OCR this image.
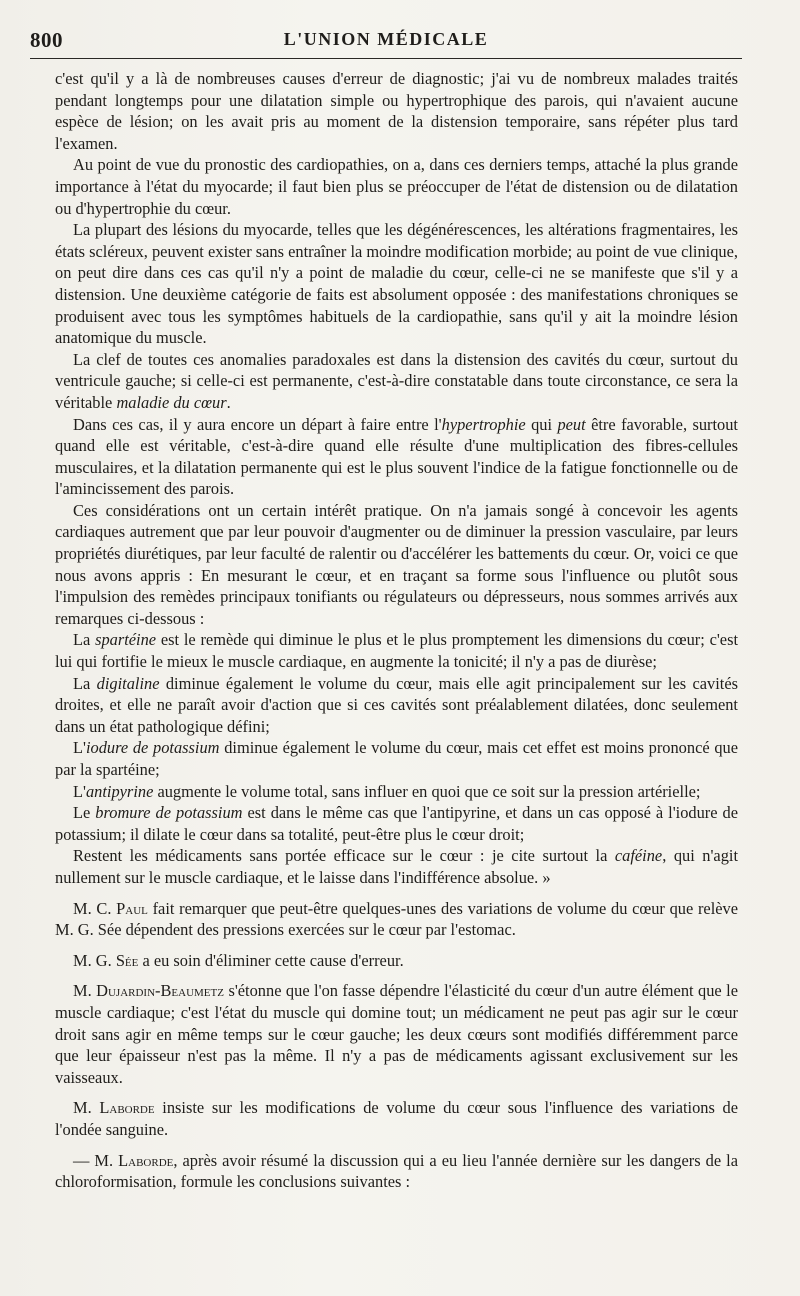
800	L'UNION MÉDICALE

c'est qu'il y a là de nombreuses causes d'erreur de diagnostic; j'ai vu de nombreux malades traités pendant longtemps pour une dilatation simple ou hypertrophique des parois, qui n'avaient aucune espèce de lésion; on les avait pris au moment de la distension temporaire, sans répéter plus tard l'examen.

Au point de vue du pronostic des cardiopathies, on a, dans ces derniers temps, attaché la plus grande importance à l'état du myocarde; il faut bien plus se préoccuper de l'état de distension ou de dilatation ou d'hypertrophie du cœur.

La plupart des lésions du myocarde, telles que les dégénérescences, les altérations fragmentaires, les états scléreux, peuvent exister sans entraîner la moindre modification morbide; au point de vue clinique, on peut dire dans ces cas qu'il n'y a point de maladie du cœur, celle-ci ne se manifeste que s'il y a distension. Une deuxième catégorie de faits est absolument opposée : des manifestations chroniques se produisent avec tous les symptômes habituels de la cardiopathie, sans qu'il y ait la moindre lésion anatomique du muscle.

La clef de toutes ces anomalies paradoxales est dans la distension des cavités du cœur, surtout du ventricule gauche; si celle-ci est permanente, c'est-à-dire constatable dans toute circonstance, ce sera la véritable maladie du cœur.

Dans ces cas, il y aura encore un départ à faire entre l'hypertrophie qui peut être favorable, surtout quand elle est véritable, c'est-à-dire quand elle résulte d'une multiplication des fibres-cellules musculaires, et la dilatation permanente qui est le plus souvent l'indice de la fatigue fonctionnelle ou de l'amincissement des parois.

Ces considérations ont un certain intérêt pratique. On n'a jamais songé à concevoir les agents cardiaques autrement que par leur pouvoir d'augmenter ou de diminuer la pression vasculaire, par leurs propriétés diurétiques, par leur faculté de ralentir ou d'accélérer les battements du cœur. Or, voici ce que nous avons appris : En mesurant le cœur, et en traçant sa forme sous l'influence ou plutôt sous l'impulsion des remèdes principaux tonifiants ou régulateurs ou dépresseurs, nous sommes arrivés aux remarques ci-dessous :

La spartéine est le remède qui diminue le plus et le plus promptement les dimensions du cœur; c'est lui qui fortifie le mieux le muscle cardiaque, en augmente la tonicité; il n'y a pas de diurèse;

La digitaline diminue également le volume du cœur, mais elle agit principalement sur les cavités droites, et elle ne paraît avoir d'action que si ces cavités sont préalablement dilatées, donc seulement dans un état pathologique défini;

L'iodure de potassium diminue également le volume du cœur, mais cet effet est moins prononcé que par la spartéine;

L'antipyrine augmente le volume total, sans influer en quoi que ce soit sur la pression artérielle;

Le bromure de potassium est dans le même cas que l'antipyrine, et dans un cas opposé à l'iodure de potassium; il dilate le cœur dans sa totalité, peut-être plus le cœur droit;

Restent les médicaments sans portée efficace sur le cœur : je cite surtout la caféine, qui n'agit nullement sur le muscle cardiaque, et le laisse dans l'indifférence absolue. »

M. C. Paul fait remarquer que peut-être quelques-unes des variations de volume du cœur que relève M. G. Sée dépendent des pressions exercées sur le cœur par l'estomac.

M. G. Sée a eu soin d'éliminer cette cause d'erreur.

M. Dujardin-Beaumetz s'étonne que l'on fasse dépendre l'élasticité du cœur d'un autre élément que le muscle cardiaque; c'est l'état du muscle qui domine tout; un médicament ne peut pas agir sur le cœur droit sans agir en même temps sur le cœur gauche; les deux cœurs sont modifiés différemment parce que leur épaisseur n'est pas la même. Il n'y a pas de médicaments agissant exclusivement sur les vaisseaux.

M. Laborde insiste sur les modifications de volume du cœur sous l'influence des variations de l'ondée sanguine.

— M. Laborde, après avoir résumé la discussion qui a eu lieu l'année dernière sur les dangers de la chloroformisation, formule les conclusions suivantes :
